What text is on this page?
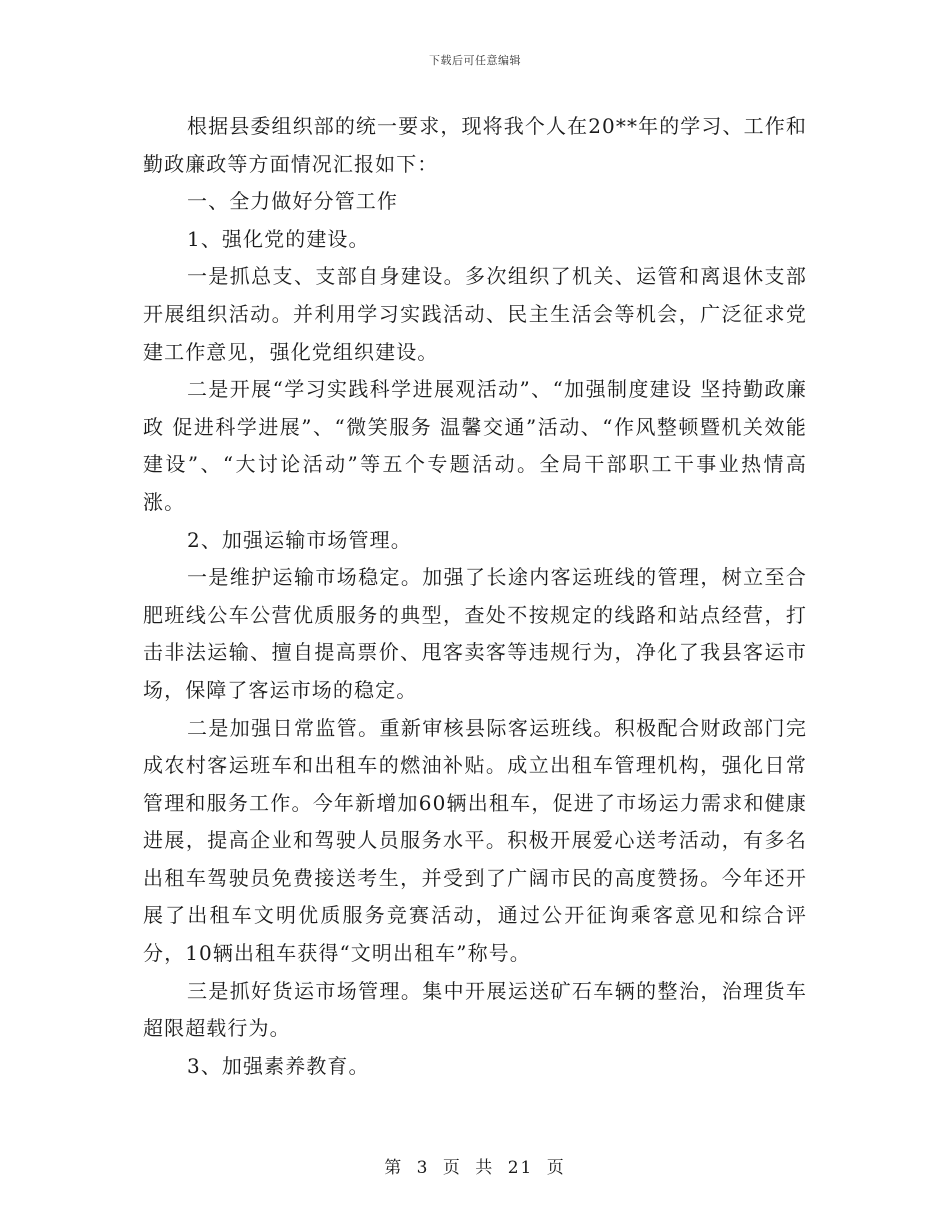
下载后可任意编辑

根据县委组织部的统一要求，现将我个人在20**年的学习、工作和勤政廉政等方面情况汇报如下：

一、全力做好分管工作

1、强化党的建设。

一是抓总支、支部自身建设。多次组织了机关、运管和离退休支部开展组织活动。并利用学习实践活动、民主生活会等机会，广泛征求党建工作意见，强化党组织建设。

二是开展“学习实践科学进展观活动”、“加强制度建设 坚持勤政廉政 促进科学进展”、“微笑服务 温馨交通”活动、“作风整顿暨机关效能建设”、“大讨论活动”等五个专题活动。全局干部职工干事业热情高涨。

2、加强运输市场管理。

一是维护运输市场稳定。加强了长途内客运班线的管理，树立至合肥班线公车公营优质服务的典型，查处不按规定的线路和站点经营，打击非法运输、擅自提高票价、甩客卖客等违规行为，净化了我县客运市场，保障了客运市场的稳定。

二是加强日常监管。重新审核县际客运班线。积极配合财政部门完成农村客运班车和出租车的燃油补贴。成立出租车管理机构，强化日常管理和服务工作。今年新增加60辆出租车，促进了市场运力需求和健康进展，提高企业和驾驶人员服务水平。积极开展爱心送考活动，有多名出租车驾驶员免费接送考生，并受到了广阔市民的高度赞扬。今年还开展了出租车文明优质服务竞赛活动，通过公开征询乘客意见和综合评分，10辆出租车获得“文明出租车”称号。

三是抓好货运市场管理。集中开展运送矿石车辆的整治，治理货车超限超载行为。

3、加强素养教育。

第 3 页 共 21 页
